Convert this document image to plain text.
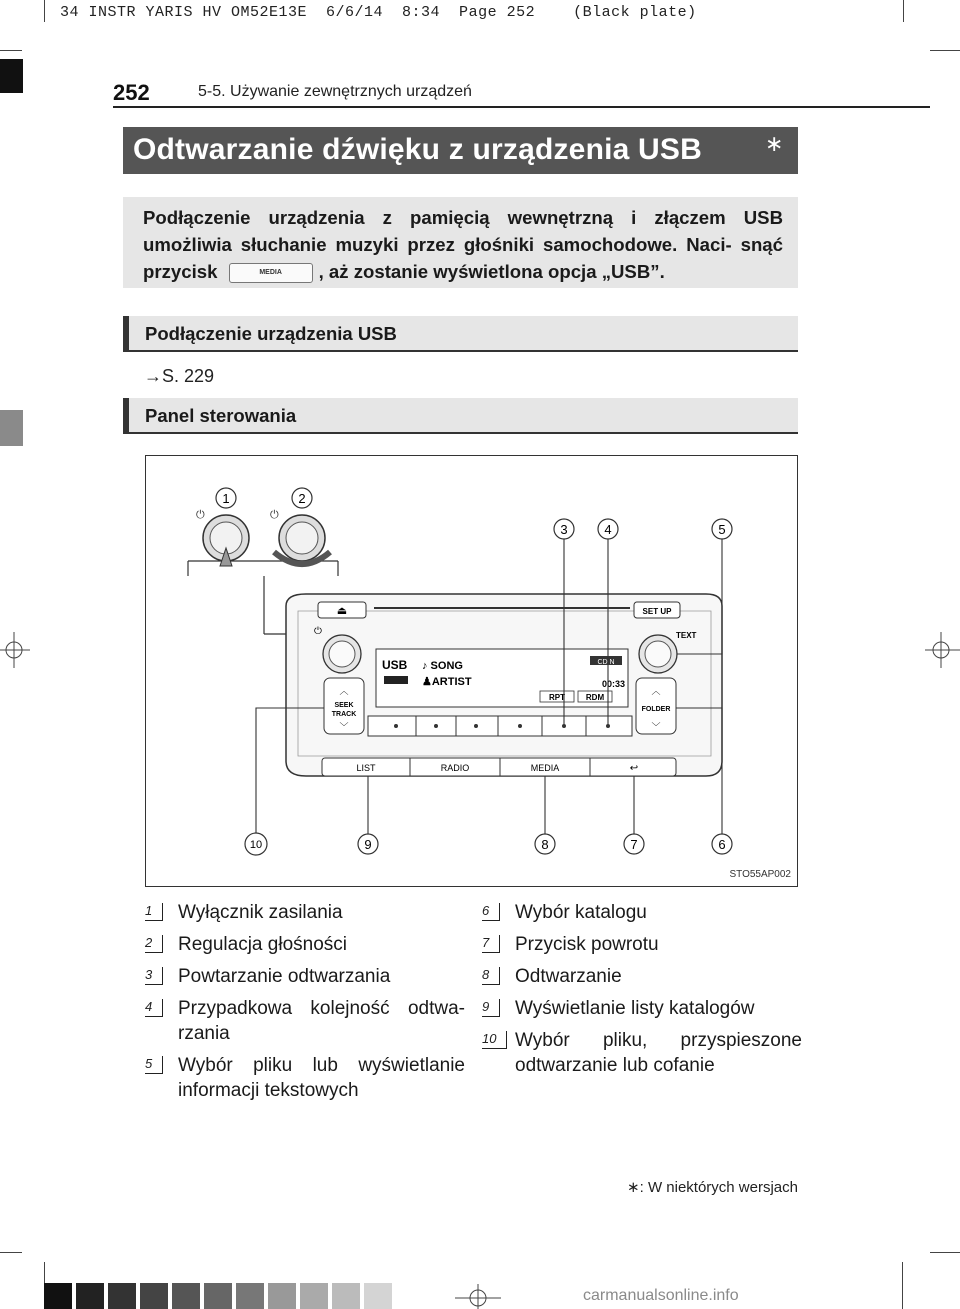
34 INSTR YARIS HV OM52E13E  6/6/14  8:34  Page 252    (Black plate)
252	5-5. Używanie zewnętrznych urządzeń
Odtwarzanie dźwięku z urządzenia USB	∗
Podłączenie urządzenia z pamięcią wewnętrzną i złączem USB umożliwia słuchanie muzyki przez głośniki samochodowe. Naci- snąć przycisk	MEDIA , aż zostanie wyświetlona opcja „USB”.
Podłączenie urządzenia USB
→S. 229
Panel sterowania
⏻	⏻
⏏	SET UP
TEXT
⏻
USB ♪ SONG
♟ARTIST
CD N
00:33
RPT	RDM
︿
SEEK
TRACK
﹀
︿
FOLDER
﹀
LIST	RADIO	MEDIA	↩
1	2
3	4	5
6
7
8
9
10
STO55AP002
1	Wyłącznik zasilania
2	Regulacja głośności
3	Powtarzanie odtwarzania
4	Przypadkowa kolejność odtwa- rzania
5	Wybór pliku lub wyświetlanie informacji tekstowych
6	Wybór katalogu
7	Przycisk powrotu
8	Odtwarzanie
9	Wyświetlanie listy katalogów
10 Wybór pliku, przyspieszone odtwarzanie lub cofanie
∗: W niektórych wersjach
carmanualsonline.info
